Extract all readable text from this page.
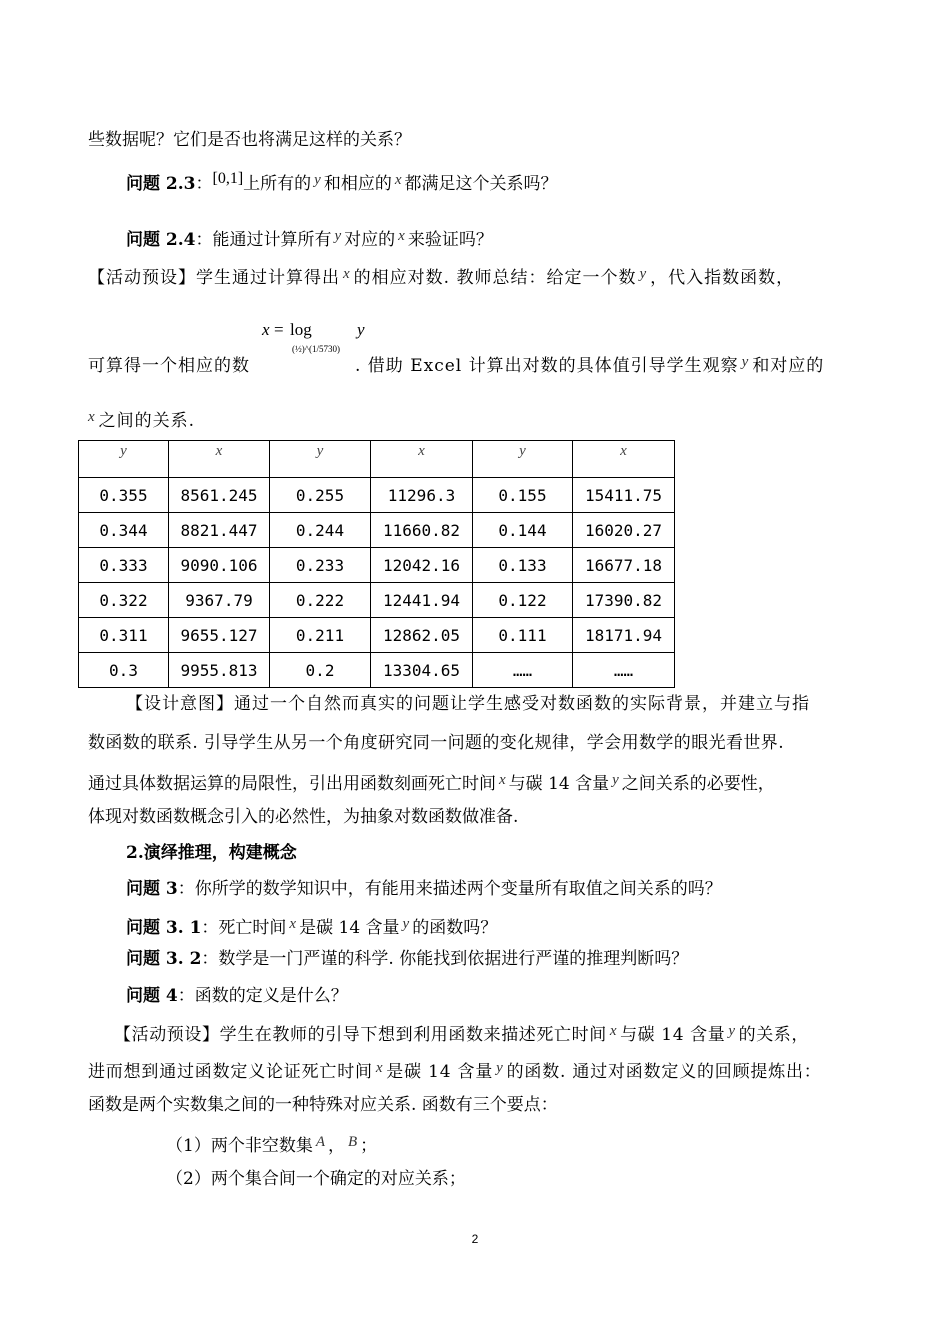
些数据呢？它们是否也将满足这样的关系？
问题 2.3：[0,1]上所有的 y 和相应的 x 都满足这个关系吗？
问题 2.4：能通过计算所有 y 对应的 x 来验证吗？
【活动预设】学生通过计算得出 x 的相应对数. 教师总结：给定一个数 y ，代入指数函数，
x = log
(½)^(1/5730)
y
可算得一个相应的数	. 借助 Excel 计算出对数的具体值引导学生观察 y 和对应的
x 之间的关系.
y	x	y	x	y	x
0.355	8561.245	0.255	11296.3	0.155	15411.75
0.344	8821.447	0.244	11660.82	0.144	16020.27
0.333	9090.106	0.233	12042.16	0.133	16677.18
0.322	9367.79	0.222	12441.94	0.122	17390.82
0.311	9655.127	0.211	12862.05	0.111	18171.94
0.3	9955.813	0.2	13304.65	……	……
【设计意图】通过一个自然而真实的问题让学生感受对数函数的实际背景，并建立与指
数函数的联系. 引导学生从另一个角度研究同一问题的变化规律，学会用数学的眼光看世界.
通过具体数据运算的局限性，引出用函数刻画死亡时间 x 与碳 14 含量 y 之间关系的必要性，
体现对数函数概念引入的必然性，为抽象对数函数做准备.
2.演绎推理，构建概念
问题 3：你所学的数学知识中，有能用来描述两个变量所有取值之间关系的吗？
问题 3. 1：死亡时间 x 是碳 14 含量 y 的函数吗？
问题 3. 2：数学是一门严谨的科学. 你能找到依据进行严谨的推理判断吗？
问题 4：函数的定义是什么？
【活动预设】学生在教师的引导下想到利用函数来描述死亡时间 x 与碳 14 含量 y 的关系，
进而想到通过函数定义论证死亡时间 x 是碳 14 含量 y 的函数. 通过对函数定义的回顾提炼出：
函数是两个实数集之间的一种特殊对应关系. 函数有三个要点：
（1）两个非空数集 A ， B ；
（2）两个集合间一个确定的对应关系；
2
